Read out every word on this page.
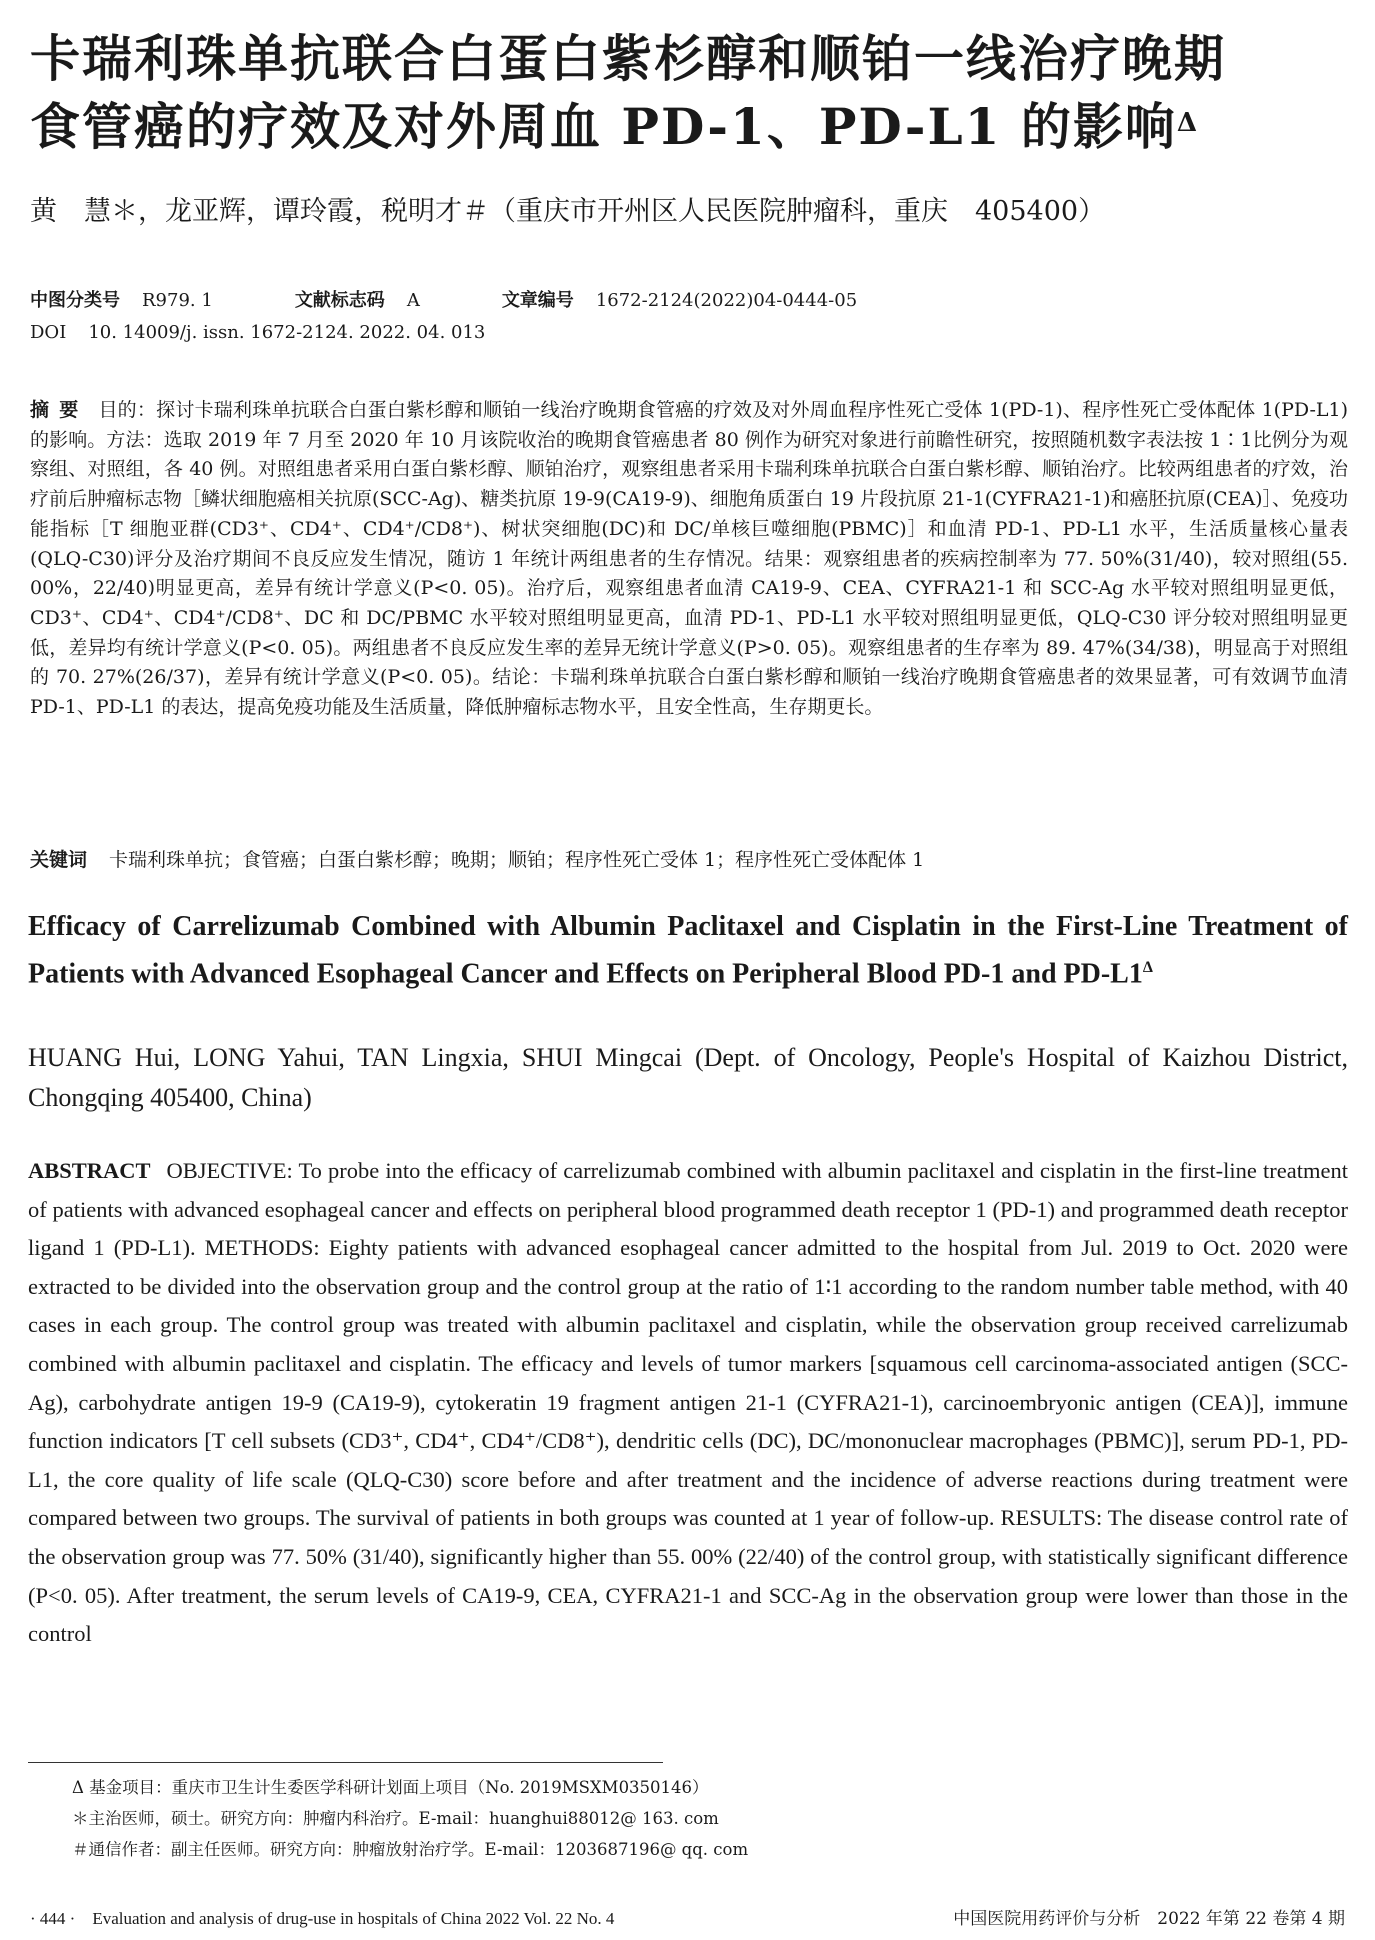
卡瑞利珠单抗联合白蛋白紫杉醇和顺铂一线治疗晚期
食管癌的疗效及对外周血 PD-1、PD-L1 的影响$^\Delta$
黄　慧＊，龙亚辉，谭玲霞，税明才＃（重庆市开州区人民医院肿瘤科，重庆　405400）
中图分类号 R979. 1	文献标志码 A	文章编号 1672-2124(2022)04-0444-05
DOI 10. 14009/j. issn. 1672-2124. 2022. 04. 013
摘要 目的：探讨卡瑞利珠单抗联合白蛋白紫杉醇和顺铂一线治疗晚期食管癌的疗效及对外周血程序性死亡受体 1(PD-1)、程序性死亡受体配体 1(PD-L1)的影响。方法：选取 2019 年 7 月至 2020 年 10 月该院收治的晚期食管癌患者 80 例作为研究对象进行前瞻性研究，按照随机数字表法按 1∶1比例分为观察组、对照组，各 40 例。对照组患者采用白蛋白紫杉醇、顺铂治疗，观察组患者采用卡瑞利珠单抗联合白蛋白紫杉醇、顺铂治疗。比较两组患者的疗效，治疗前后肿瘤标志物［鳞状细胞癌相关抗原(SCC-Ag)、糖类抗原 19-9(CA19-9)、细胞角质蛋白 19 片段抗原 21-1(CYFRA21-1)和癌胚抗原(CEA)］、免疫功能指标［T 细胞亚群(CD3⁺、CD4⁺、CD4⁺/CD8⁺)、树状突细胞(DC)和 DC/单核巨噬细胞(PBMC)］和血清 PD-1、PD-L1 水平，生活质量核心量表(QLQ-C30)评分及治疗期间不良反应发生情况，随访 1 年统计两组患者的生存情况。结果：观察组患者的疾病控制率为 77. 50%(31/40)，较对照组(55. 00%，22/40)明显更高，差异有统计学意义(P<0. 05)。治疗后，观察组患者血清 CA19-9、CEA、CYFRA21-1 和 SCC-Ag 水平较对照组明显更低，CD3⁺、CD4⁺、CD4⁺/CD8⁺、DC 和 DC/PBMC 水平较对照组明显更高，血清 PD-1、PD-L1 水平较对照组明显更低，QLQ-C30 评分较对照组明显更低，差异均有统计学意义(P<0. 05)。两组患者不良反应发生率的差异无统计学意义(P>0. 05)。观察组患者的生存率为 89. 47%(34/38)，明显高于对照组的 70. 27%(26/37)，差异有统计学意义(P<0. 05)。结论：卡瑞利珠单抗联合白蛋白紫杉醇和顺铂一线治疗晚期食管癌患者的效果显著，可有效调节血清 PD-1、PD-L1 的表达，提高免疫功能及生活质量，降低肿瘤标志物水平，且安全性高，生存期更长。
关键词 卡瑞利珠单抗；食管癌；白蛋白紫杉醇；晚期；顺铂；程序性死亡受体 1；程序性死亡受体配体 1
Efficacy of Carrelizumab Combined with Albumin Paclitaxel and Cisplatin in the First-Line Treatment of Patients with Advanced Esophageal Cancer and Effects on Peripheral Blood PD-1 and $PD-L1^\Delta$
HUANG Hui, LONG Yahui, TAN Lingxia, SHUI Mingcai (Dept. of Oncology, People's Hospital of Kaizhou District, Chongqing 405400, China)
ABSTRACT OBJECTIVE: To probe into the efficacy of carrelizumab combined with albumin paclitaxel and cisplatin in the first-line treatment of patients with advanced esophageal cancer and effects on peripheral blood programmed death receptor 1 (PD-1) and programmed death receptor ligand 1 (PD-L1). METHODS: Eighty patients with advanced esophageal cancer admitted to the hospital from Jul. 2019 to Oct. 2020 were extracted to be divided into the observation group and the control group at the ratio of 1∶1 according to the random number table method, with 40 cases in each group. The control group was treated with albumin paclitaxel and cisplatin, while the observation group received carrelizumab combined with albumin paclitaxel and cisplatin. The efficacy and levels of tumor markers [squamous cell carcinoma-associated antigen (SCC-Ag), carbohydrate antigen 19-9 (CA19-9), cytokeratin 19 fragment antigen 21-1 (CYFRA21-1), carcinoembryonic antigen (CEA)], immune function indicators [T cell subsets (CD3⁺, CD4⁺, CD4⁺/CD8⁺), dendritic cells (DC), DC/mononuclear macrophages (PBMC)], serum PD-1, PD-L1, the core quality of life scale (QLQ-C30) score before and after treatment and the incidence of adverse reactions during treatment were compared between two groups. The survival of patients in both groups was counted at 1 year of follow-up. RESULTS: The disease control rate of the observation group was 77. 50% (31/40), significantly higher than 55. 00% (22/40) of the control group, with statistically significant difference (P<0. 05). After treatment, the serum levels of CA19-9, CEA, CYFRA21-1 and SCC-Ag in the observation group were lower than those in the control
Δ 基金项目：重庆市卫生计生委医学科研计划面上项目（No. 2019MSXM0350146）
＊主治医师，硕士。研究方向：肿瘤内科治疗。E-mail：huanghui88012@ 163. com
＃通信作者：副主任医师。研究方向：肿瘤放射治疗学。E-mail：1203687196@ qq. com
· 444 ·　Evaluation and analysis of drug-use in hospitals of China 2022 Vol. 22 No. 4	中国医院用药评价与分析　2022 年第 22 卷第 4 期
